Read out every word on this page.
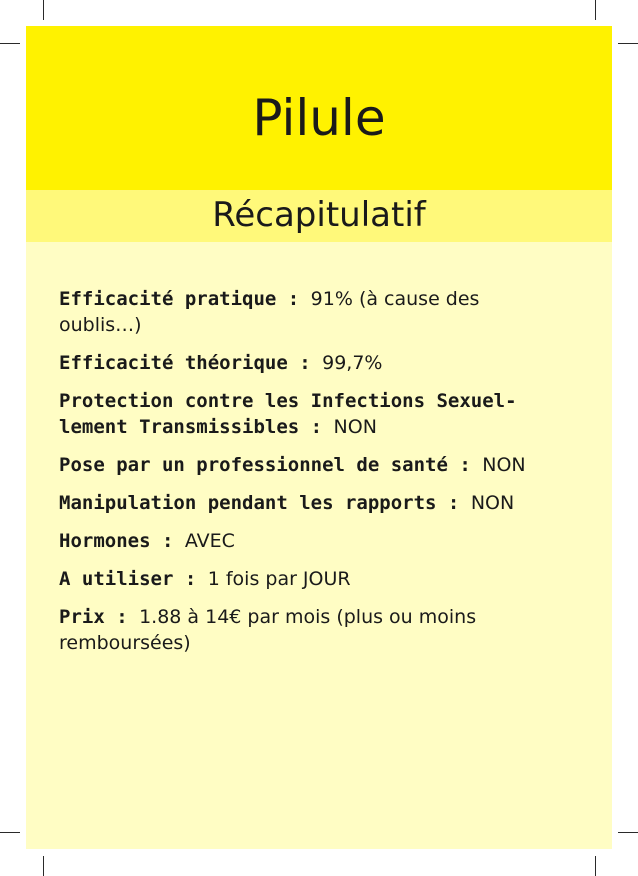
Pilule
Récapitulatif
Efficacité pratique : 91% (à cause des oublis…)
Efficacité théorique : 99,7%
Protection contre les Infections Sexuel-lement Transmissibles : NON
Pose par un professionnel de santé : NON
Manipulation pendant les rapports : NON
Hormones : AVEC
A utiliser : 1 fois par JOUR
Prix : 1.88 à 14€ par mois (plus ou moins remboursées)
